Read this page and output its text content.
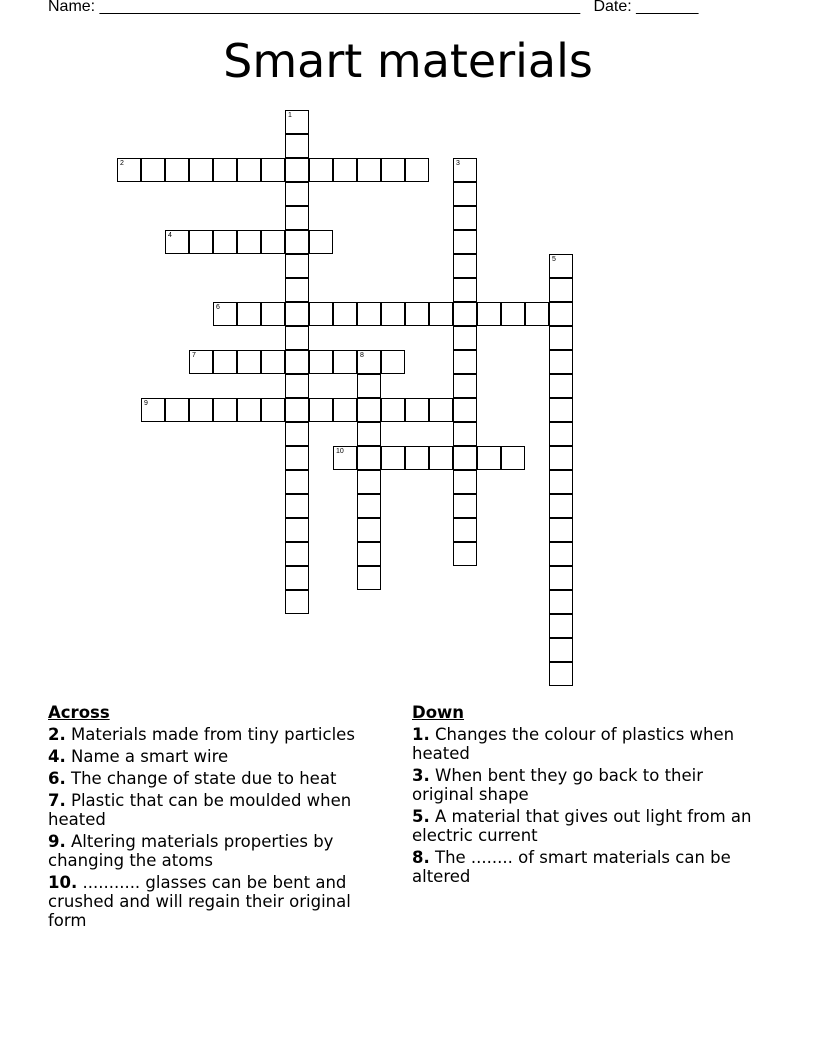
Name: ______________________________________________________ Date: _______
Smart materials
1
2	3
4
5
6
7	8
9
10
Across
2. Materials made from tiny particles
4. Name a smart wire
6. The change of state due to heat
7. Plastic that can be moulded when heated
9. Altering materials properties by changing the atoms
10. ........... glasses can be bent and crushed and will regain their original form
Down
1. Changes the colour of plastics when heated
3. When bent they go back to their original shape
5. A material that gives out light from an electric current
8. The ........ of smart materials can be altered
